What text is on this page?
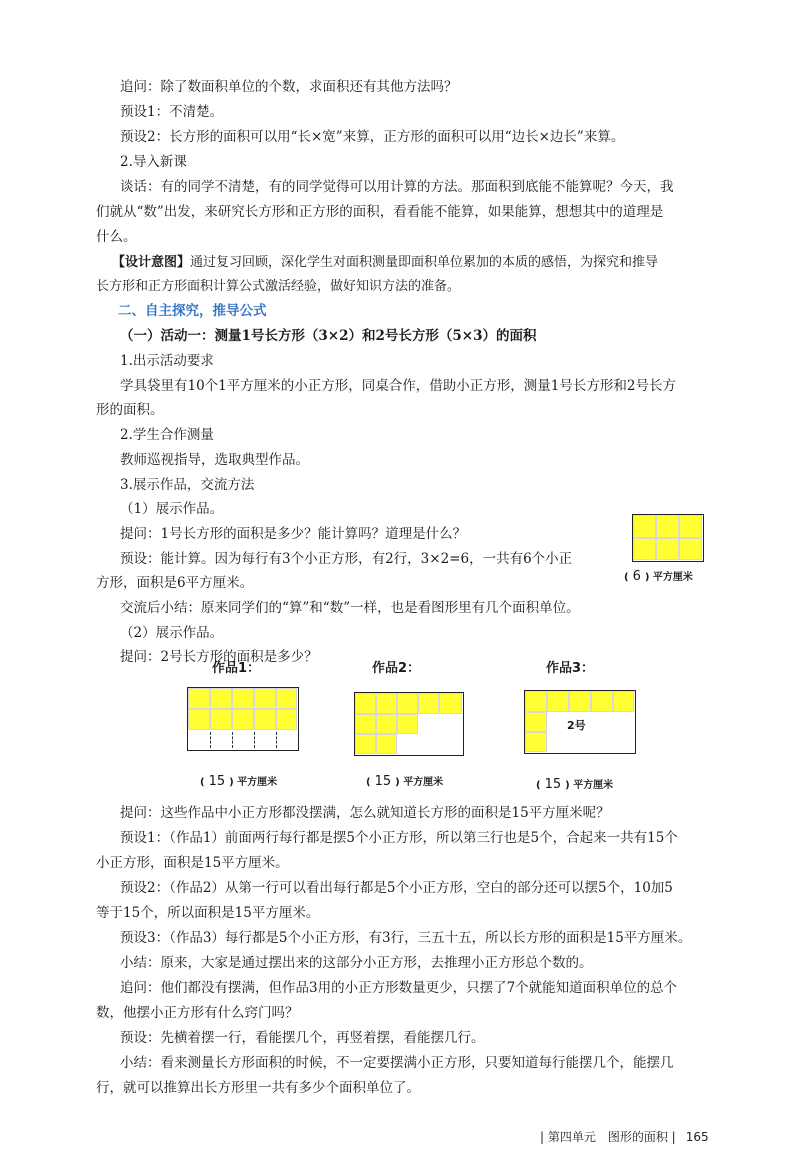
追问：除了数面积单位的个数，求面积还有其他方法吗？
预设1：不清楚。
预设2：长方形的面积可以用“长×宽”来算，正方形的面积可以用“边长×边长”来算。
2.导入新课
谈话：有的同学不清楚，有的同学觉得可以用计算的方法。那面积到底能不能算呢？今天，我
们就从“数”出发，来研究长方形和正方形的面积，看看能不能算，如果能算，想想其中的道理是
什么。
【设计意图】通过复习回顾，深化学生对面积测量即面积单位累加的本质的感悟，为探究和推导
长方形和正方形面积计算公式激活经验，做好知识方法的准备。
二、自主探究，推导公式
（一）活动一：测量1号长方形（3×2）和2号长方形（5×3）的面积
1.出示活动要求
学具袋里有10个1平方厘米的小正方形，同桌合作，借助小正方形，测量1号长方形和2号长方
形的面积。
2.学生合作测量
教师巡视指导，选取典型作品。
3.展示作品，交流方法
（1）展示作品。
提问：1号长方形的面积是多少？能计算吗？道理是什么？
预设：能计算。因为每行有3个小正方形，有2行，3×2=6，一共有6个小正
方形，面积是6平方厘米。
交流后小结：原来同学们的“算”和“数”一样，也是看图形里有几个面积单位。
（2）展示作品。
提问：2号长方形的面积是多少？
( 6 ) 平方厘米
作品1：	作品2：	作品3：
2号
( 15 ) 平方厘米	( 15 ) 平方厘米	( 15 ) 平方厘米
提问：这些作品中小正方形都没摆满，怎么就知道长方形的面积是15平方厘米呢？
预设1：（作品1）前面两行每行都是摆5个小正方形，所以第三行也是5个，合起来一共有15个
小正方形，面积是15平方厘米。
预设2：（作品2）从第一行可以看出每行都是5个小正方形，空白的部分还可以摆5个，10加5
等于15个，所以面积是15平方厘米。
预设3：（作品3）每行都是5个小正方形，有3行，三五十五，所以长方形的面积是15平方厘米。
小结：原来，大家是通过摆出来的这部分小正方形，去推理小正方形总个数的。
追问：他们都没有摆满，但作品3用的小正方形数量更少，只摆了7个就能知道面积单位的总个
数，他摆小正方形有什么窍门吗？
预设：先横着摆一行，看能摆几个，再竖着摆，看能摆几行。
小结：看来测量长方形面积的时候，不一定要摆满小正方形，只要知道每行能摆几个，能摆几
行，就可以推算出长方形里一共有多少个面积单位了。
| 第四单元　图形的面积 | 165
